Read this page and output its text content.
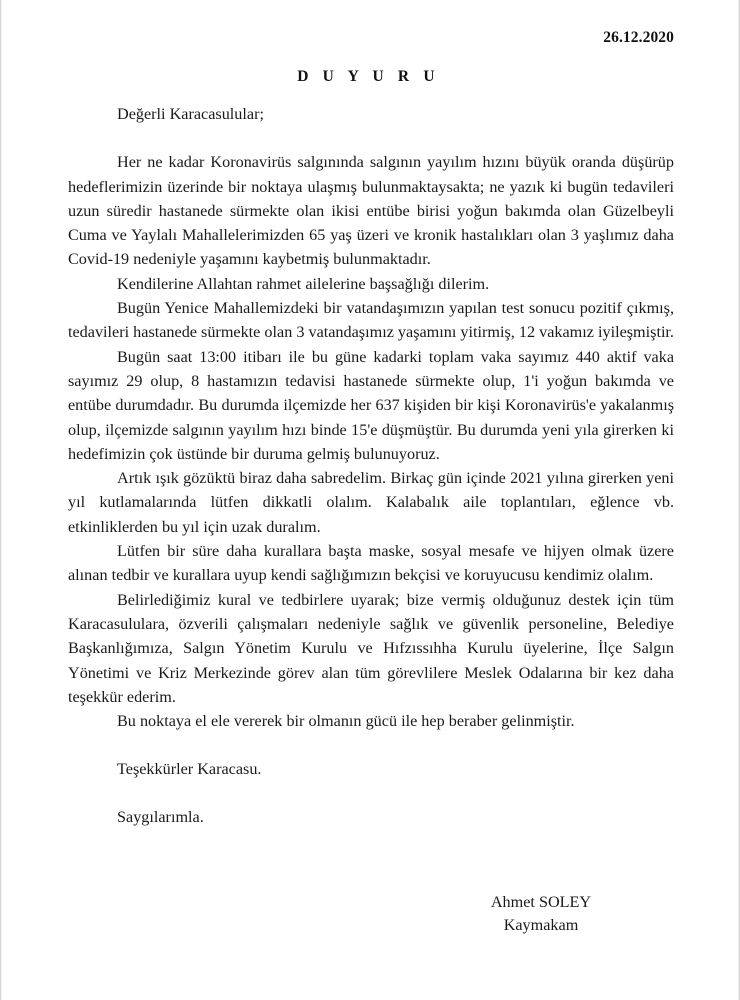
26.12.2020
D U Y U R U

Değerli Karacasulular;

Her ne kadar Koronavirüs salgınında salgının yayılım hızını büyük oranda düşürüp hedeflerimizin üzerinde bir noktaya ulaşmış bulunmaktaysakta; ne yazık ki bugün tedavileri uzun süredir hastanede sürmekte olan ikisi entübe birisi yoğun bakımda olan Güzelbeyli Cuma ve Yaylalı Mahallelerimizden 65 yaş üzeri ve kronik hastalıkları olan 3 yaşlımız daha Covid-19 nedeniyle yaşamını kaybetmiş bulunmaktadır.

Kendilerine Allahtan rahmet ailelerine başsağlığı dilerim.

Bugün Yenice Mahallemizdeki bir vatandaşımızın yapılan test sonucu pozitif çıkmış, tedavileri hastanede sürmekte olan 3 vatandaşımız yaşamını yitirmiş, 12 vakamız iyileşmiştir.

Bugün saat 13:00 itibarı ile bu güne kadarki toplam vaka sayımız 440 aktif vaka sayımız 29 olup, 8 hastamızın tedavisi hastanede sürmekte olup, 1'i yoğun bakımda ve entübe durumdadır. Bu durumda ilçemizde her 637 kişiden bir kişi Koronavirüs'e yakalanmış olup, ilçemizde salgının yayılım hızı binde 15'e düşmüştür. Bu durumda yeni yıla girerken ki hedefimizin çok üstünde bir duruma gelmiş bulunuyoruz.

Artık ışık gözüktü biraz daha sabredelim. Birkaç gün içinde 2021 yılına girerken yeni yıl kutlamalarında lütfen dikkatli olalım. Kalabalık aile toplantıları, eğlence vb. etkinliklerden bu yıl için uzak duralım.

Lütfen bir süre daha kurallara başta maske, sosyal mesafe ve hijyen olmak üzere alınan tedbir ve kurallara uyup kendi sağlığımızın bekçisi ve koruyucusu kendimiz olalım.

Belirlediğimiz kural ve tedbirlere uyarak; bize vermiş olduğunuz destek için tüm Karacasululara, özverili çalışmaları nedeniyle sağlık ve güvenlik personeline, Belediye Başkanlığımıza, Salgın Yönetim Kurulu ve Hıfzıssıhha Kurulu üyelerine, İlçe Salgın Yönetimi ve Kriz Merkezinde görev alan tüm görevlilere Meslek Odalarına bir kez daha teşekkür ederim.

Bu noktaya el ele vererek bir olmanın gücü ile hep beraber gelinmiştir.

Teşekkürler Karacasu.

Saygılarımla.

Ahmet SOLEY
Kaymakam
